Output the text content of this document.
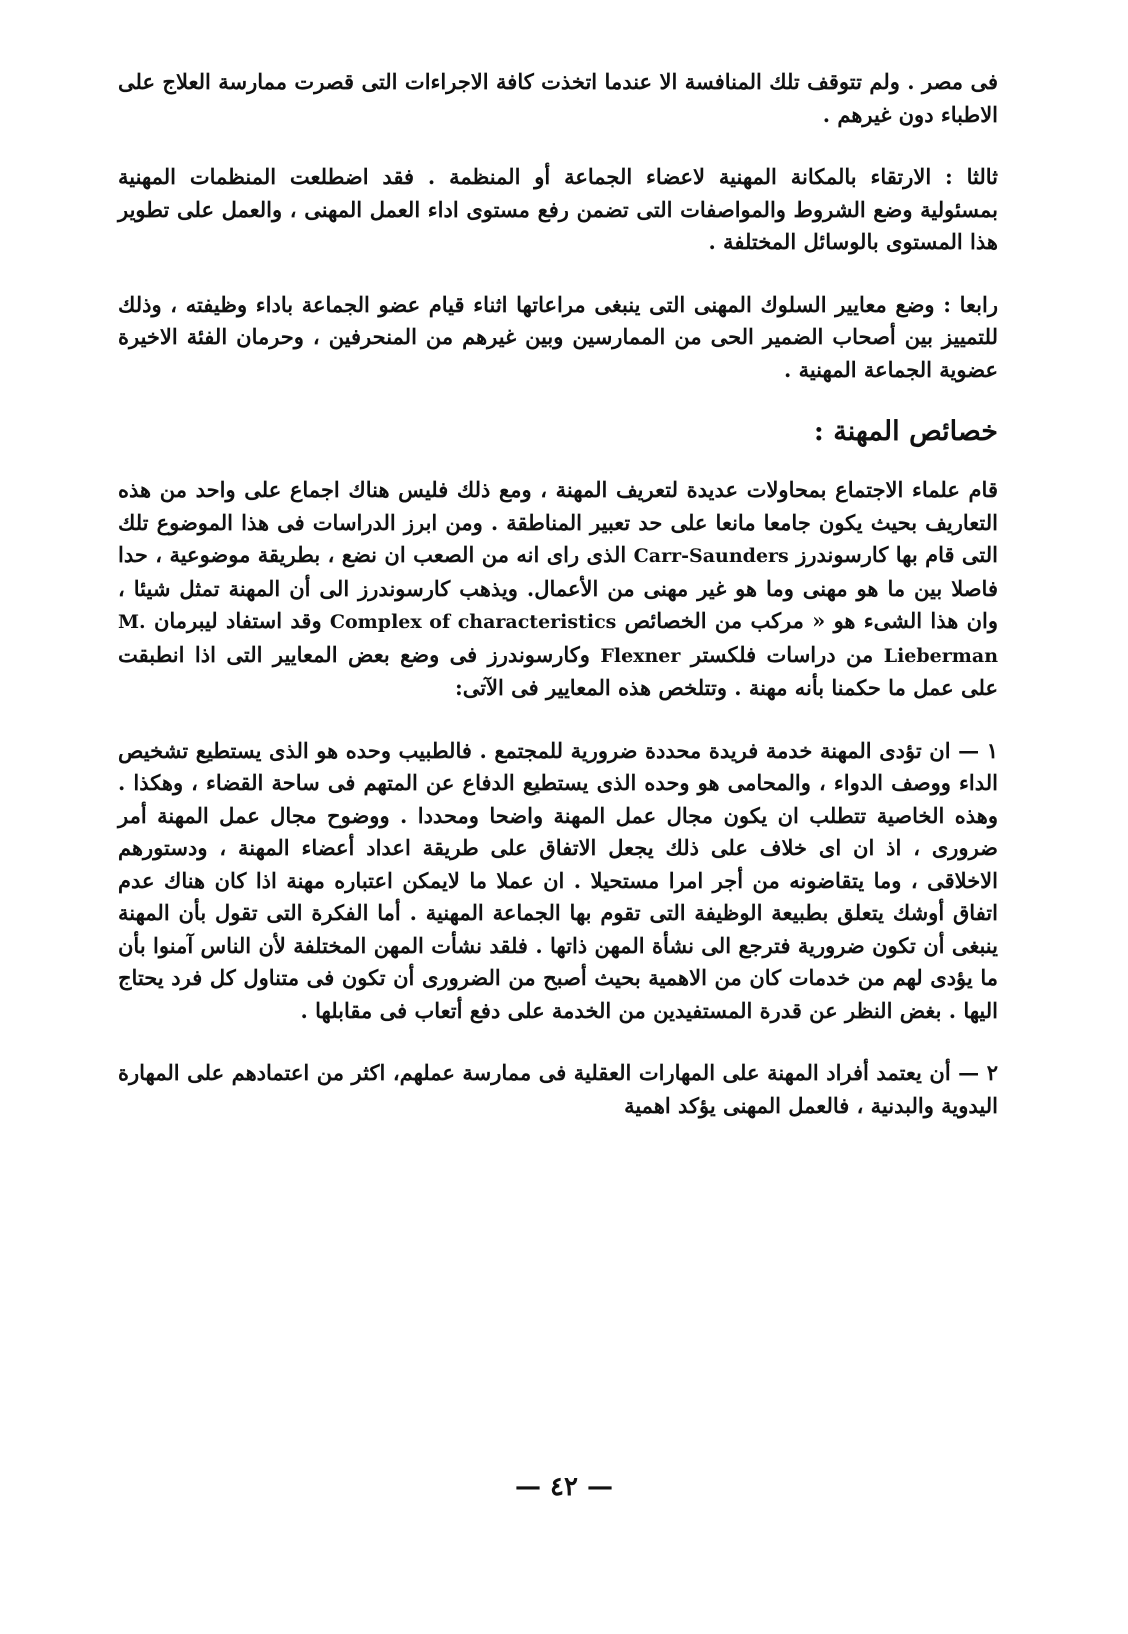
فى مصر . ولم تتوقف تلك المنافسة الا عندما اتخذت كافة الاجراءات التى قصرت ممارسة العلاج على الاطباء دون غيرهم .

ثالثا : الارتقاء بالمكانة المهنية لاعضاء الجماعة أو المنظمة . فقد اضطلعت المنظمات المهنية بمسئولية وضع الشروط والمواصفات التى تضمن رفع مستوى اداء العمل المهنى ، والعمل على تطوير هذا المستوى بالوسائل المختلفة .

رابعا : وضع معايير السلوك المهنى التى ينبغى مراعاتها اثناء قيام عضو الجماعة باداء وظيفته ، وذلك للتمييز بين أصحاب الضمير الحى من الممارسين وبين غيرهم من المنحرفين ، وحرمان الفئة الاخيرة عضوية الجماعة المهنية .

خصائص المهنة :

قام علماء الاجتماع بمحاولات عديدة لتعريف المهنة ، ومع ذلك فليس هناك اجماع على واحد من هذه التعاريف بحيث يكون جامعا مانعا على حد تعبير المناطقة . ومن ابرز الدراسات فى هذا الموضوع تلك التى قام بها كارسوندرز Carr-Saunders الذى راى انه من الصعب ان نضع ، بطريقة موضوعية ، حدا فاصلا بين ما هو مهنى وما هو غير مهنى من الأعمال. ويذهب كارسوندرز الى أن المهنة تمثل شيئا ، وان هذا الشىء هو « مركب من الخصائص Complex of characteristics وقد استفاد ليبرمان M. Lieberman من دراسات فلكستر Flexner وكارسوندرز فى وضع بعض المعايير التى اذا انطبقت على عمل ما حكمنا بأنه مهنة . وتتلخص هذه المعايير فى الآتى:

١ — ان تؤدى المهنة خدمة فريدة محددة ضرورية للمجتمع . فالطبيب وحده هو الذى يستطيع تشخيص الداء ووصف الدواء ، والمحامى هو وحده الذى يستطيع الدفاع عن المتهم فى ساحة القضاء ، وهكذا . وهذه الخاصية تتطلب ان يكون مجال عمل المهنة واضحا ومحددا . ووضوح مجال عمل المهنة أمر ضرورى ، اذ ان اى خلاف على ذلك يجعل الاتفاق على طريقة اعداد أعضاء المهنة ، ودستورهم الاخلاقى ، وما يتقاضونه من أجر امرا مستحيلا . ان عملا ما لايمكن اعتباره مهنة اذا كان هناك عدم اتفاق أوشك يتعلق بطبيعة الوظيفة التى تقوم بها الجماعة المهنية . أما الفكرة التى تقول بأن المهنة ينبغى أن تكون ضرورية فترجع الى نشأة المهن ذاتها . فلقد نشأت المهن المختلفة لأن الناس آمنوا بأن ما يؤدى لهم من خدمات كان من الاهمية بحيث أصبح من الضرورى أن تكون فى متناول كل فرد يحتاج اليها . بغض النظر عن قدرة المستفيدين من الخدمة على دفع أتعاب فى مقابلها .

٢ — أن يعتمد أفراد المهنة على المهارات العقلية فى ممارسة عملهم، اكثر من اعتمادهم على المهارة اليدوية والبدنية ، فالعمل المهنى يؤكد اهمية

— ٤٢ —
